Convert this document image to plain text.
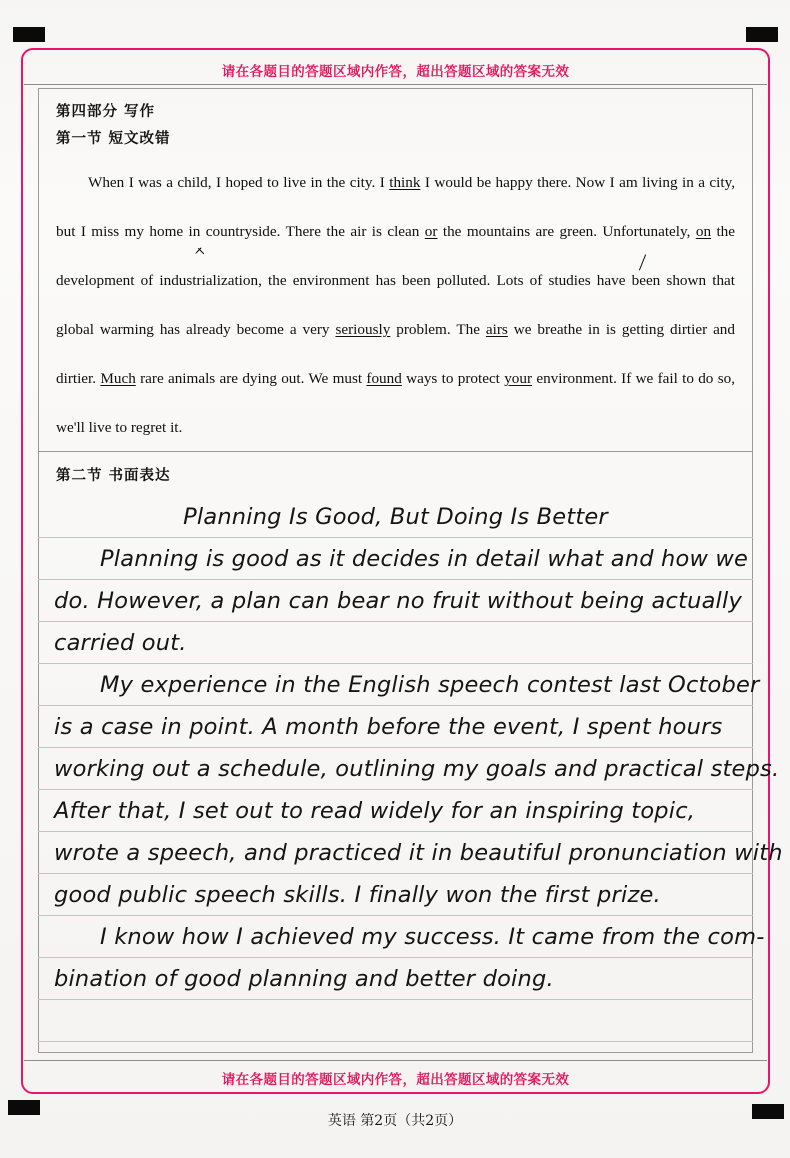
请在各题目的答题区域内作答，超出答题区域的答案无效
第四部分 写作
第一节 短文改错
When I was a child, I hoped to live in the city. I think I would be happy there. Now I am living in a city, but I miss my home in countryside. There the air is clean or the mountains are green. Unfortunately, on the development of industrialization, the environment has been polluted. Lots of studies have been shown that global warming has already become a very seriously problem. The airs we breathe in is getting dirtier and dirtier. Much rare animals are dying out. We must found ways to protect your environment. If we fail to do so, we'll live to regret it.
第二节 书面表达
Planning Is Good, But Doing Is Better
Planning is good as it decides in detail what and how we
do. However, a plan can bear no fruit without being actually
carried out.
My experience in the English speech contest last October
is a case in point. A month before the event, I spent hours
working out a schedule, outlining my goals and practical steps.
After that, I set out to read widely for an inspiring topic,
wrote a speech, and practiced it in beautiful pronunciation with
good public speech skills. I finally won the first prize.
I know how I achieved my success. It came from the com-
bination of good planning and better doing.
请在各题目的答题区域内作答，超出答题区域的答案无效
英语 第2页（共2页）
